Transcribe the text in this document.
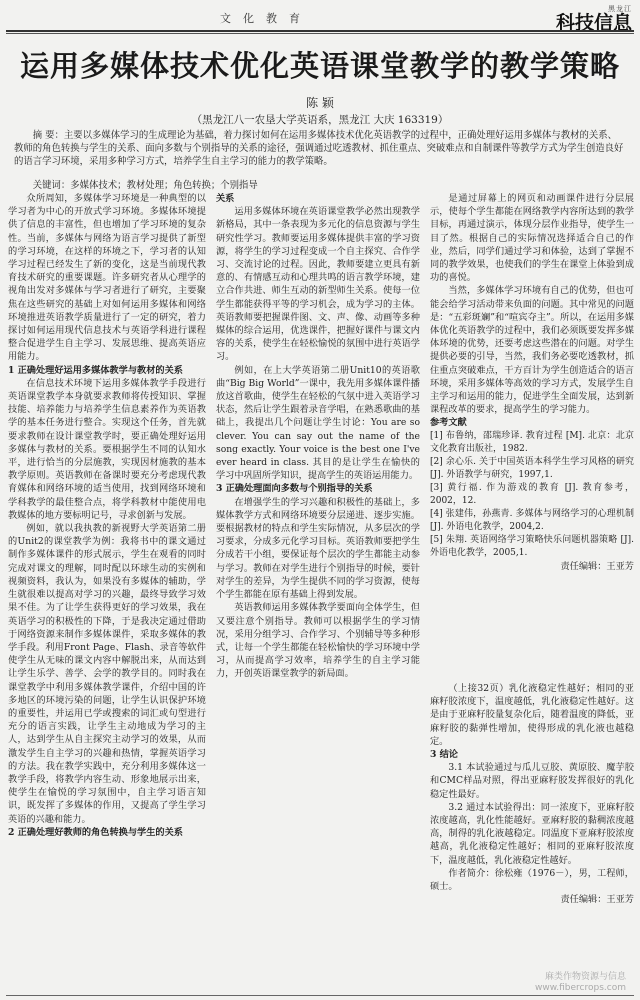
文化教育
黑龙江
科技信息
运用多媒体技术优化英语课堂教学的教学策略
陈 颖
（黑龙江八一农垦大学英语系，黑龙江 大庆 163319）
摘 要：主要以多媒体学习的生成理论为基础，着力探讨如何在运用多媒体技术优化英语教学的过程中，正确处理好运用多媒体与教材的关系、教师的角色转换与学生的关系、面向多数与个别指导的关系的途径，强调通过吃透教材、抓住重点、突破难点和自制课件等教学方式为学生创造良好的语言学习环境，采用多种学习方式，培养学生自主学习的能力的教学策略。
关键词：多媒体技术；教材处理；角色转换；个别指导

众所周知，多媒体学习环境是一种典型的以学习者为中心的开放式学习环境。多媒体环境提供了信息的丰富性，但也增加了学习环境的复杂性。当前，多媒体与网络为语言学习提供了新型的学习环境，在这样的环境之下，学习者的认知学习过程已经发生了新的变化，这是当前现代教育技术研究的重要课题。许多研究者从心理学的视角出发对多媒体与学习者进行了研究，主要聚焦在这些研究的基础上对如何运用多媒体和网络环境推进英语教学质量进行了一定的研究，着力探讨如何运用现代信息技术与英语学科进行课程整合促进学生自主学习、发展思维、提高英语应用能力。

1 正确处理好运用多媒体教学与教材的关系

在信息技术环境下运用多媒体教学手段进行英语课堂教学本身就要求教师将传授知识、掌握技能、培养能力与培养学生信息素养作为英语教学的基本任务进行整合。实现这个任务，首先就要求教师在设计课堂教学时，要正确处理好运用多媒体与教材的关系。要根据学生不同的认知水平，进行恰当的分层施教，实现因材施教的基本教学原则。英语教师在备课时要充分考虑现代教育媒体和网络环境的适当使用，找到网络环境和学科教学的最佳整合点，将学科教材中能使用电教媒体的地方要标明记号，寻求创新与发展。

例如，就以我执教的新视野大学英语第二册的Unit2的课堂教学为例：我将书中的课文通过制作多媒体课件的形式展示，学生在观看的同时完成对课文的理解，同时配以环球生动的实例和视频资料，我认为，如果没有多媒体的辅助，学生就很难以提高对学习的兴趣，最终导致学习效果不佳。为了让学生获得更好的学习效果，我在英语学习的积极性的下降，于是我决定通过借助于网络资源来制作多媒体课件，采取多媒体的教学手段。利用Front Page、Flash、录音等软件使学生从无味的课文内容中解脱出来，从而达到让学生乐学、善学、会学的教学目的。同时我在课堂教学中利用多媒体教学课件，介绍中国的许多地区的环境污染的问题，让学生认识保护环境的重要性，并运用已学或搜索的词汇或句型进行充分的语言实践，让学生主动地成为学习的主人，达到学生从自主探究主动学习的效果，从而激发学生自主学习的兴趣和热情，掌握英语学习的方法。我在教学实践中，充分利用多媒体这一教学手段，将教学内容生动、形象地展示出来，使学生在愉悦的学习氛围中，自主学习语言知识，既发挥了多媒体的作用，又提高了学生学习英语的兴趣和能力。

2 正确处理好教师的角色转换与学生的关系

关系

运用多媒体环境在英语课堂教学必然出现教学新格局，其中一条表现为多元化的信息资源与学生研究性学习。教师要运用多媒体提供丰富的学习资源，将学生的学习过程变成一个自主探究、合作学习、交流讨论的过程。因此，教师要建立更具有新意的、有情感互动和心理共鸣的语言教学环境，建立合作共进、师生互动的新型师生关系。使每一位学生都能获得平等的学习机会，成为学习的主体。英语教师要把握课件图、文、声、像、动画等多种媒体的综合运用，优选课件，把握好课件与课文内容的关系，使学生在轻松愉悦的氛围中进行英语学习。

例如，在上大学英语第二册Unit10的英语歌曲“Big Big World”一课中，我先用多媒体课件播放这首歌曲，使学生在轻松的气氛中进入英语学习状态，然后让学生跟着录音学唱，在熟悉歌曲的基础上，我提出几个问题让学生讨论：You are so clever. You can say out the name of the song exactly. Your voice is the best one I've ever heard in class. 其目的是让学生在愉快的学习中巩固所学知识，提高学生的英语运用能力。

3 正确处理面向多数与个别指导的关系

在增强学生的学习兴趣和积极性的基础上，多媒体教学方式和网络环境要分层递进、逐步实施。要根据教材的特点和学生实际情况，从多层次的学习要求，分成多元化学习目标。英语教师要把学生分成若干小组，要保证每个层次的学生都能主动参与学习。教师在对学生进行个别指导的时候，要针对学生的差异，为学生提供不同的学习资源，使每个学生都能在原有基础上得到发展。

英语教师运用多媒体教学要面向全体学生，但又要注意个别指导。教师可以根据学生的学习情况，采用分组学习、合作学习、个别辅导等多种形式，让每一个学生都能在轻松愉快的学习环境中学习，从而提高学习效率，培养学生的自主学习能力，开创英语课堂教学的新局面。

是通过屏幕上的网页和动画课件进行分层展示，使每个学生都能在网络教学内容所达到的教学目标，再通过演示，体现分层作业指导，使学生一目了然。根据自己的实际情况选择适合自己的作业，然后，同学们通过学习和体验，达到了掌握不同的教学效果，也使我们的学生在课堂上体验到成功的喜悦。

当然，多媒体学习环境有自己的优势，但也可能会给学习活动带来负面的问题。其中常见的问题是：“五彩斑斓”和“喧宾夺主”。所以，在运用多媒体优化英语教学的过程中，我们必须既要发挥多媒体环境的优势，还要考虑这些潜在的问题。对学生提供必要的引导，当然，我们务必要吃透教材，抓住重点突破难点，干方百计为学生创造适合的语言环境，采用多媒体等高效的学习方式，发展学生自主学习和运用的能力，促进学生全面发展，达到新课程改革的要求，提高学生的学习能力。

参考文献

[1] 布鲁纳，邵瑞珍译. 教育过程 [M]. 北京：北京文化教育出版社，1982.

[2] 余心乐. 关于中国英语本科学生学习风格的研究 [J]. 外语教学与研究，1997,1.

[3] 黄行福. 作为游戏的教育 [J]. 教育参考，2002，12.

[4] 张建伟，孙燕青. 多媒体与网络学习的心理机制 [J]. 外语电化教学，2004,2.

[5] 朱翔. 英语网络学习策略快乐问题机器策略 [J]. 外语电化教学，2005,1.

责任编辑：王亚芳

（上接32页）乳化液稳定性越好；相同的亚麻籽胶浓度下，温度越低，乳化液稳定性越好。这是由于亚麻籽胶量复杂化后，随着温度的降低，亚麻籽胶的黏弹性增加，使得形成的乳化液也越稳定。

3 结论

3.1 本试验通过与瓜儿豆胶、黄原胶、魔芋胶和CMC样品对照，得出亚麻籽胶发挥很好的乳化稳定性最好。

3.2 通过本试验得出：同一浓度下，亚麻籽胶浓度越高，乳化性能越好。亚麻籽胶的黏稠浓度越高，制得的乳化液越稳定。同温度下亚麻籽胶浓度越高，乳化液稳定性越好；相同的亚麻籽胶浓度下，温度越低，乳化液稳定性越好。

作者简介：徐松雍（1976－），男，工程师，硕士。

责任编辑：王亚芳

麻类作物资源与信息
www.fibercrops.com
